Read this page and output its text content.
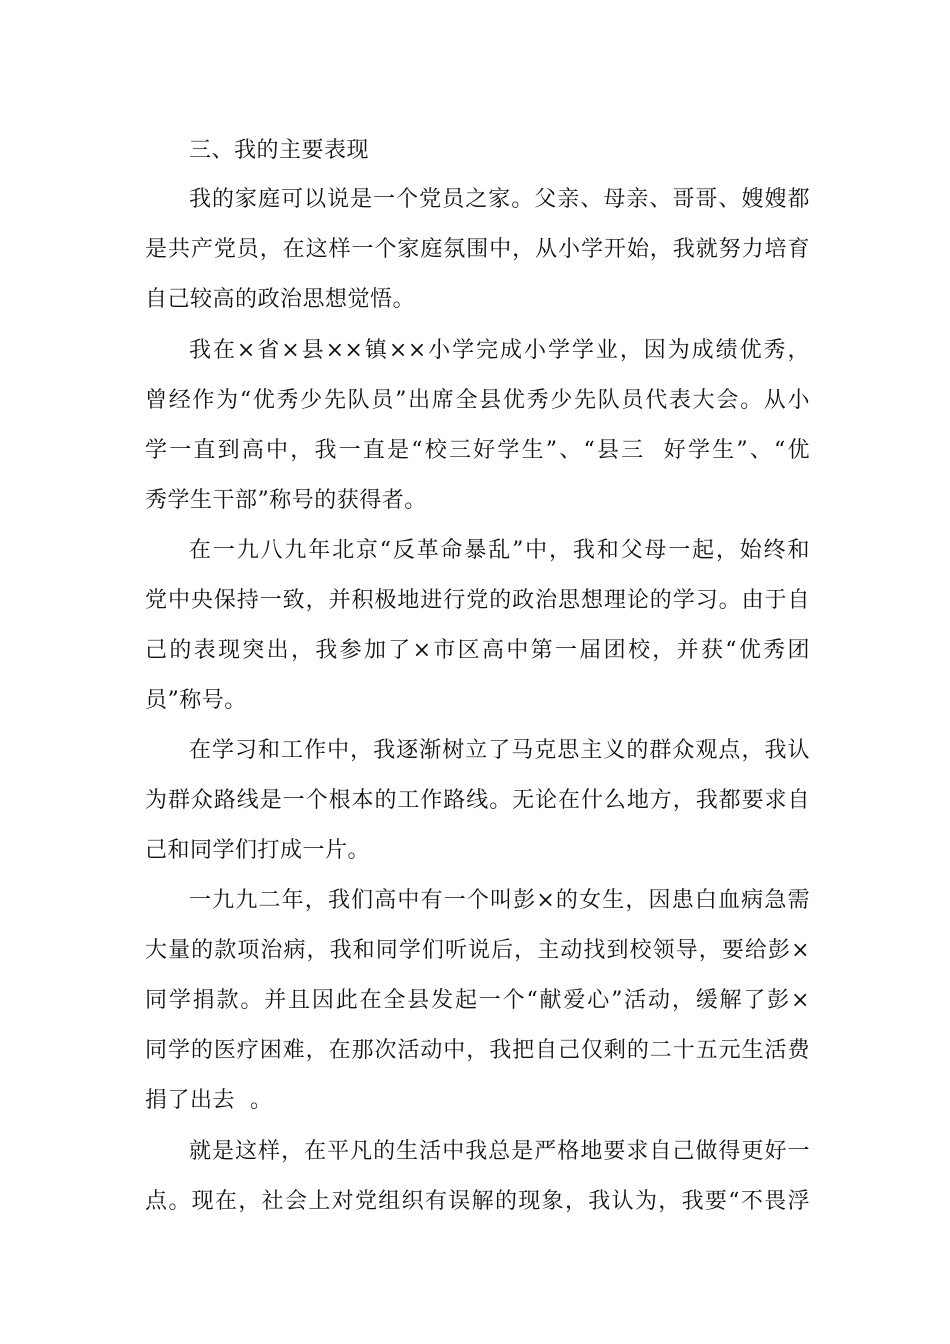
三、我的主要表现
我的家庭可以说是一个党员之家。父亲、母亲、哥哥、嫂嫂都
是共产党员，在这样一个家庭氛围中，从小学开始，我就努力培育
自己较高的政治思想觉悟。
我在×省×县××镇××小学完成小学学业，因为成绩优秀，
曾经作为“优秀少先队员”出席全县优秀少先队员代表大会。从小
学一直到高中，我一直是“校三好学生”、“县三  好学生”、“优
秀学生干部”称号的获得者。
在一九八九年北京“反革命暴乱”中，我和父母一起，始终和
党中央保持一致，并积极地进行党的政治思想理论的学习。由于自
己的表现突出，我参加了×市区高中第一届团校，并获“优秀团
员”称号。
在学习和工作中，我逐渐树立了马克思主义的群众观点，我认
为群众路线是一个根本的工作路线。无论在什么地方，我都要求自
己和同学们打成一片。
一九九二年，我们高中有一个叫彭×的女生，因患白血病急需
大量的款项治病，我和同学们听说后，主动找到校领导，要给彭×
同学捐款。并且因此在全县发起一个“献爱心”活动，缓解了彭×
同学的医疗困难，在那次活动中，我把自己仅剩的二十五元生活费
捐了出去  。
就是这样，在平凡的生活中我总是严格地要求自己做得更好一
点。现在，社会上对党组织有误解的现象，我认为，我要“不畏浮
